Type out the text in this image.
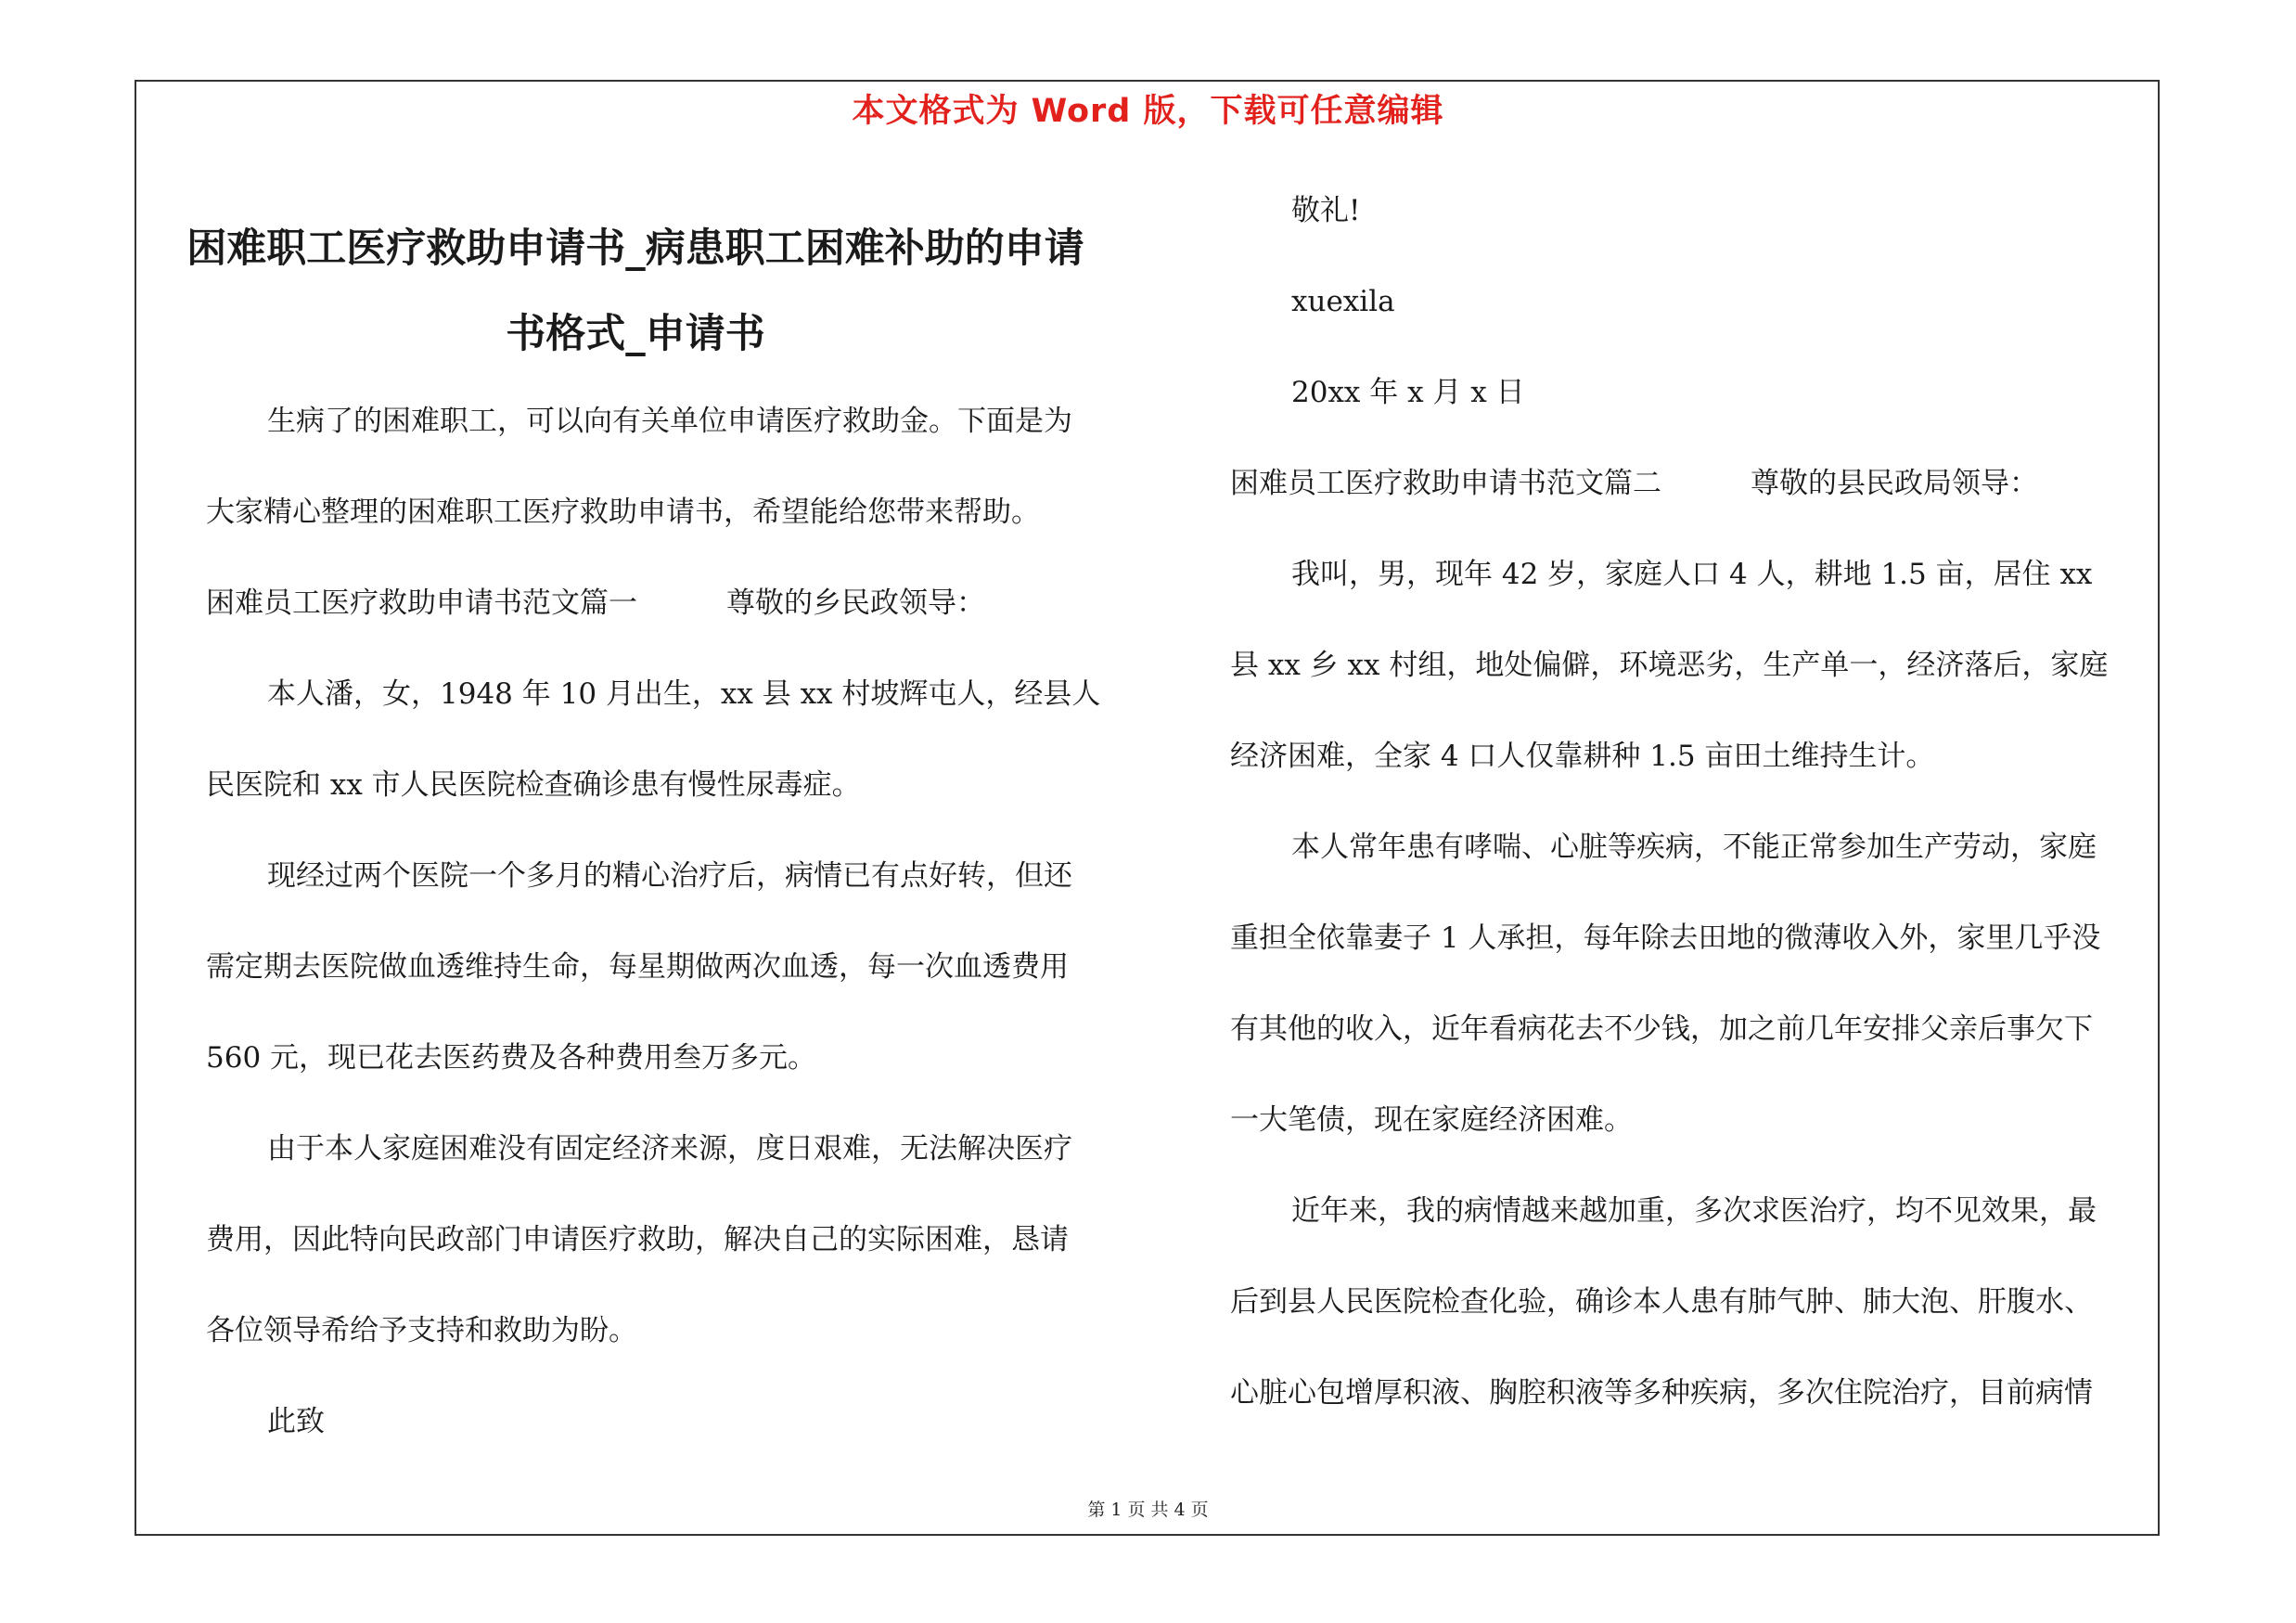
本文格式为 Word 版，下载可任意编辑
困难职工医疗救助申请书_病患职工困难补助的申请
书格式_申请书

生病了的困难职工，可以向有关单位申请医疗救助金。下面是为

大家精心整理的困难职工医疗救助申请书，希望能给您带来帮助。

困难员工医疗救助申请书范文篇一	尊敬的乡民政领导：

本人潘，女，1948 年 10 月出生，xx 县 xx 村坡辉屯人，经县人

民医院和 xx 市人民医院检查确诊患有慢性尿毒症。

现经过两个医院一个多月的精心治疗后，病情已有点好转，但还

需定期去医院做血透维持生命，每星期做两次血透，每一次血透费用

560 元，现已花去医药费及各种费用叁万多元。

由于本人家庭困难没有固定经济来源，度日艰难，无法解决医疗

费用，因此特向民政部门申请医疗救助，解决自己的实际困难，恳请

各位领导希给予支持和救助为盼。

此致

敬礼!

xuexila

20xx 年 x 月 x 日

困难员工医疗救助申请书范文篇二	尊敬的县民政局领导：

我叫，男，现年 42 岁，家庭人口 4 人，耕地 1.5 亩，居住 xx

县 xx 乡 xx 村组，地处偏僻，环境恶劣，生产单一，经济落后，家庭

经济困难，全家 4 口人仅靠耕种 1.5 亩田土维持生计。

本人常年患有哮喘、心脏等疾病，不能正常参加生产劳动，家庭

重担全依靠妻子 1 人承担，每年除去田地的微薄收入外，家里几乎没

有其他的收入，近年看病花去不少钱，加之前几年安排父亲后事欠下

一大笔债，现在家庭经济困难。

近年来，我的病情越来越加重，多次求医治疗，均不见效果，最

后到县人民医院检查化验，确诊本人患有肺气肿、肺大泡、肝腹水、

心脏心包增厚积液、胸腔积液等多种疾病，多次住院治疗，目前病情

第 1 页 共 4 页
